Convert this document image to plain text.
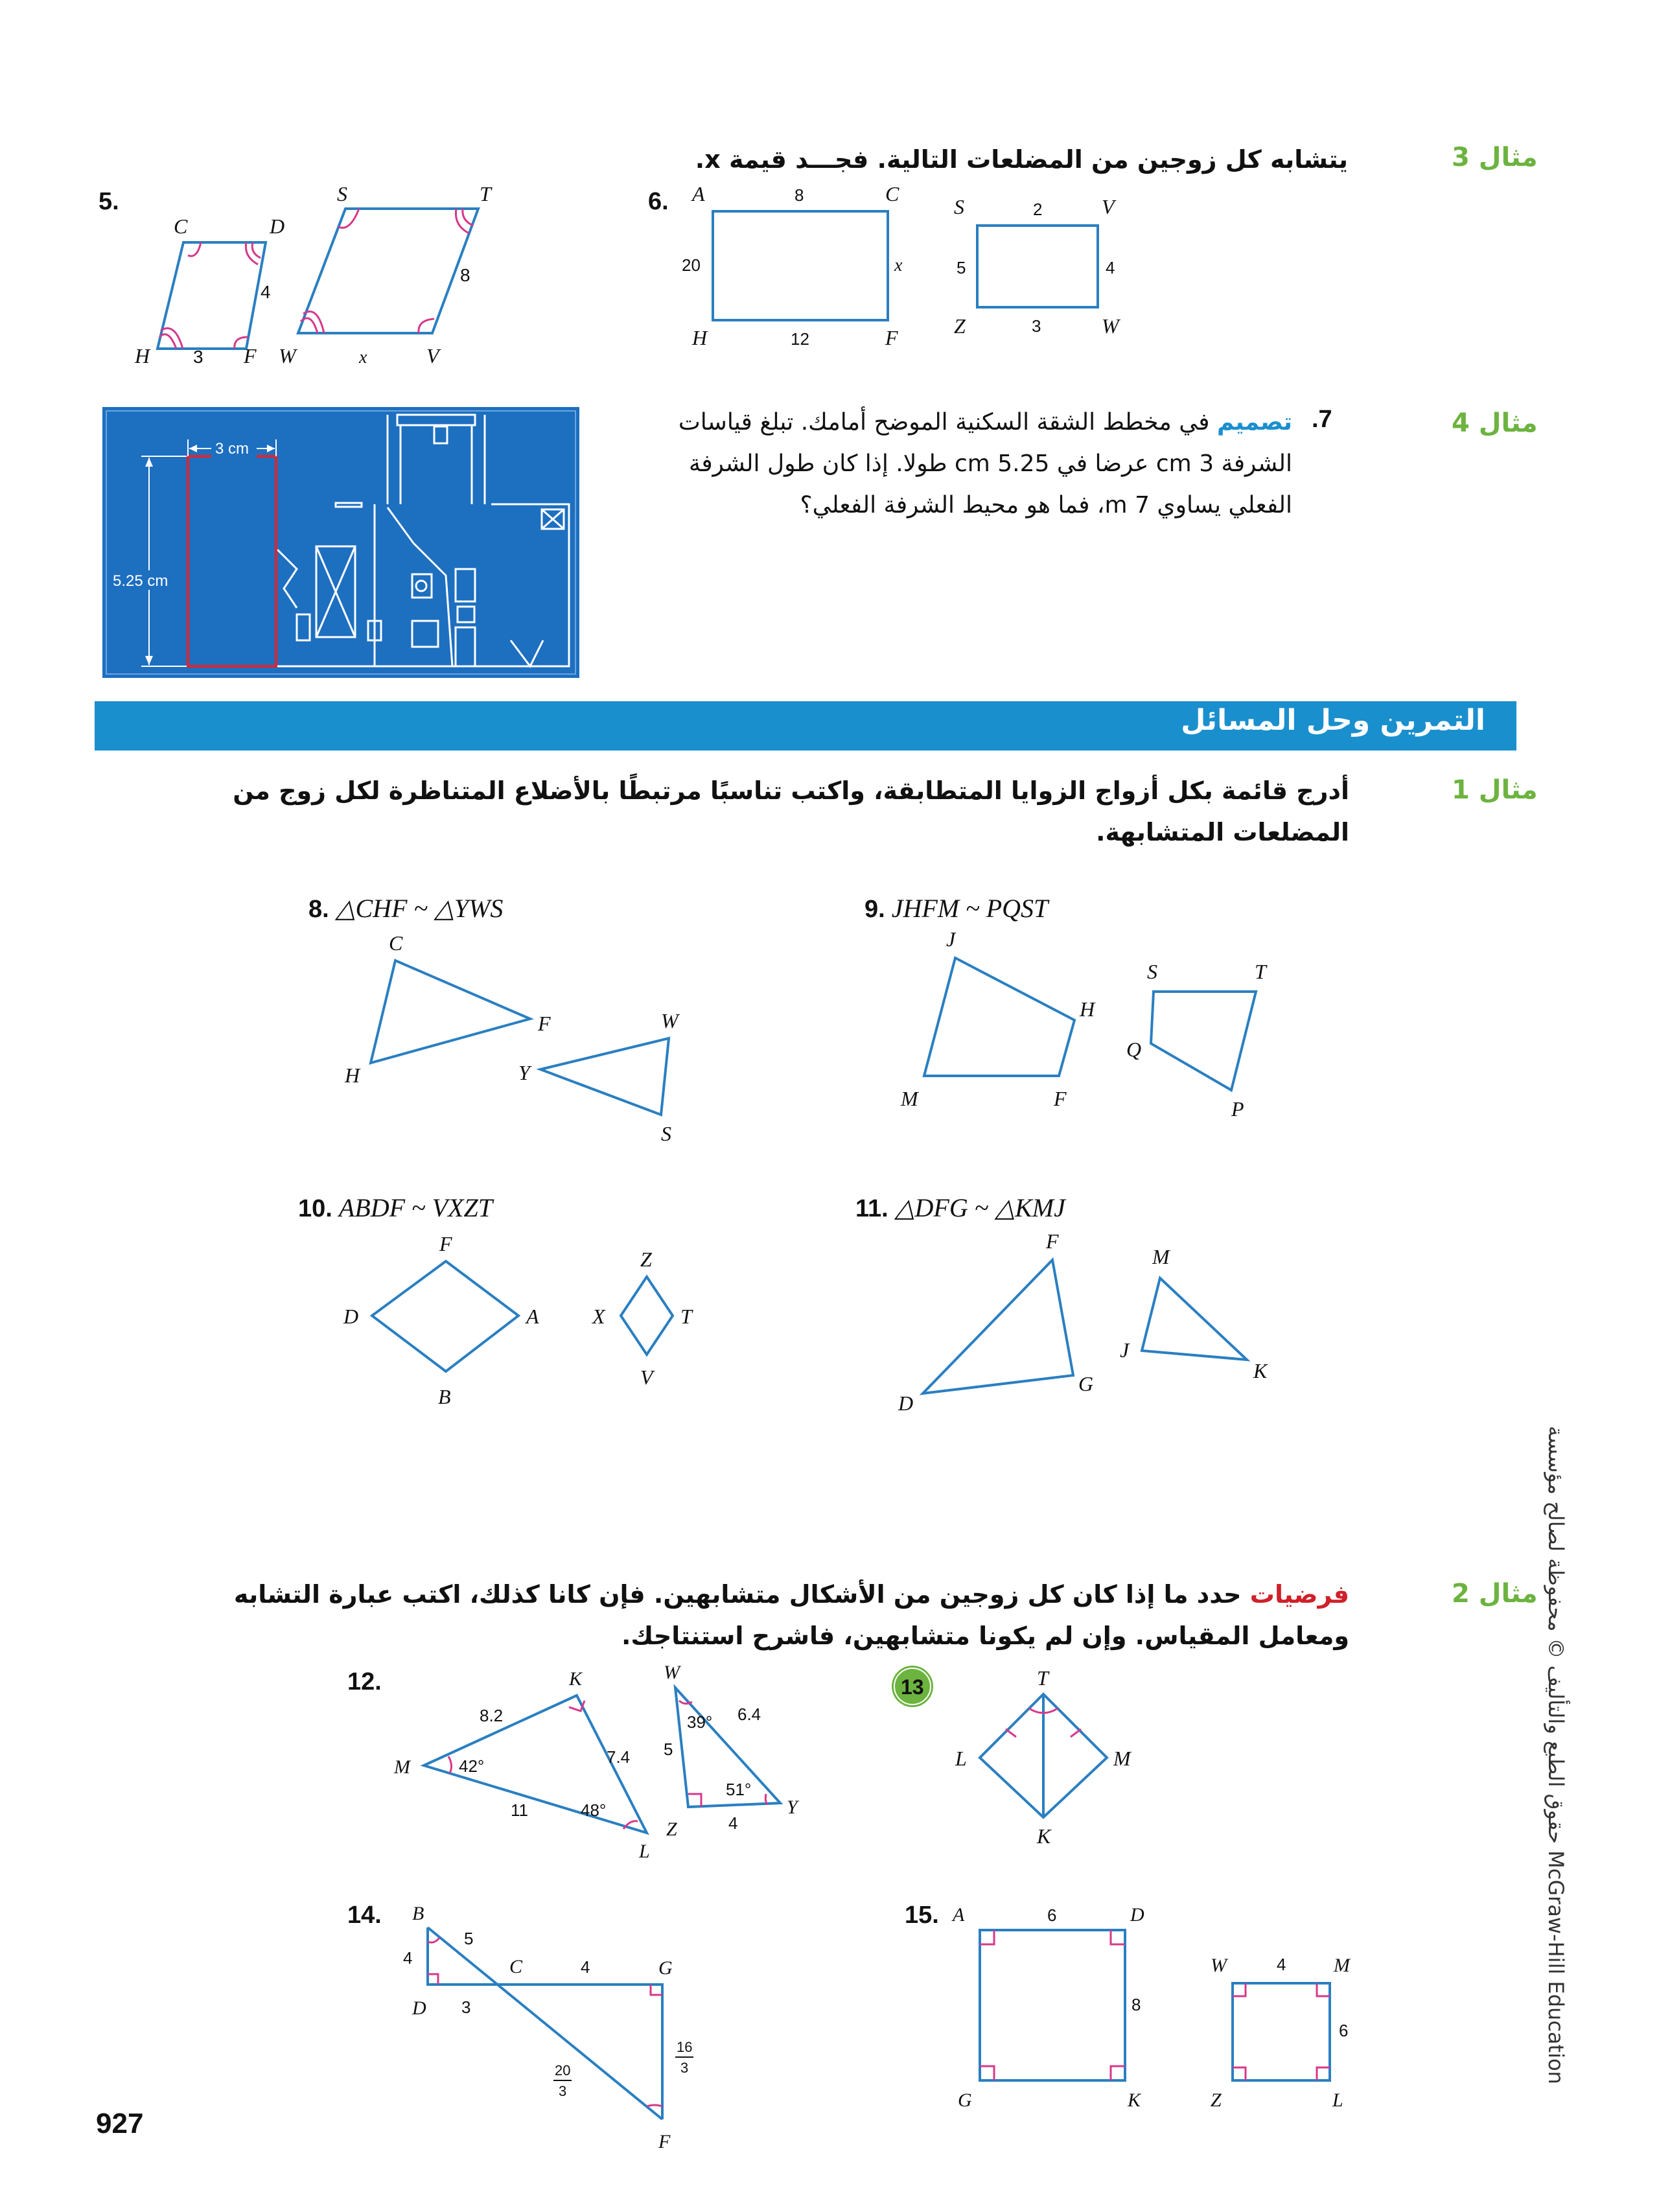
مثال 3
يتشابه كل زوجين من المضلعات التالية. فجـــد قيمة x.
5.
C	D
H 3 F
4
S	T
W	x	V
8
6. A	8	C
20	x
H	12	F
S	2	V
5	4
Z	3	W
مثال 4
.7
تصميم في مخطط الشقة السكنية الموضح أمامك. تبلغ قياسات
الشرفة 3 cm عرضا في 5.25 cm طولا. إذا كان طول الشرفة
الفعلي يساوي 7 m، فما هو محيط الشرفة الفعلي؟
3 cm
5.25 cm
التمرين وحل المسائل
مثال 1
أدرج قائمة بكل أزواج الزوايا المتطابقة، واكتب تناسبًا مرتبطًا بالأضلاع المتناظرة لكل زوج من
المضلعات المتشابهة.
8. △CHF ~ △YWS
C
F
H
W
Y
S
9. JHFM ~ PQST
J
H
M	F
S	T
Q
P
10. ABDF ~ VXZT
F
D	A
B
Z
X	T
V
11. △DFG ~ △KMJ
F
D
G
M
J
K
مثال 2
فرضيات حدد ما إذا كان كل زوجين من الأشكال متشابهين. فإن كانا كذلك، اكتب عبارة التشابه
ومعامل المقياس. وإن لم يكونا متشابهين، فاشرح استنتاجك.
12.	K
8.2
M	42°	7.4
48°
11
L
W
39° 6.4
5
51°
Z	4
Y
13	T
L	M
K
14. B
5
4	C	4	G
D 3
16
3
20
3
F
15. A	6	D
8
G	K
W	4 M
6
Z	L
حقوق الطبع والتأليف © محفوظة لصالح مؤسسة McGraw-Hill Education
927
